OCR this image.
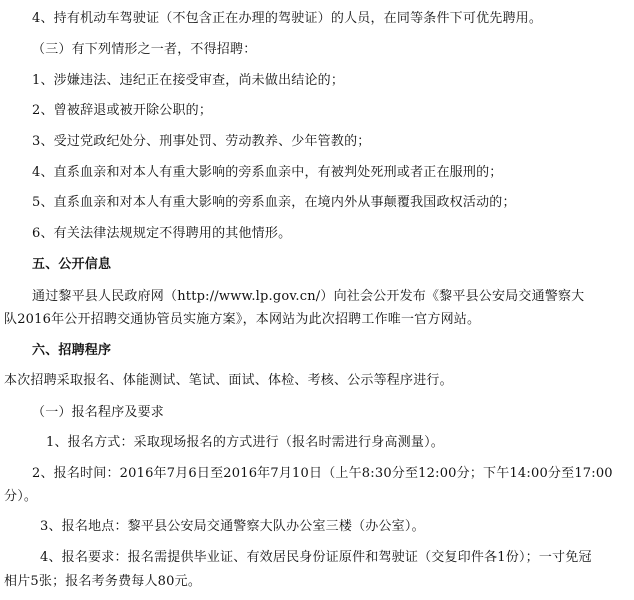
4、持有机动车驾驶证（不包含正在办理的驾驶证）的人员，在同等条件下可优先聘用。
（三）有下列情形之一者，不得招聘：
1、涉嫌违法、违纪正在接受审查，尚未做出结论的；
2、曾被辞退或被开除公职的；
3、受过党政纪处分、刑事处罚、劳动教养、少年管教的；
4、直系血亲和对本人有重大影响的旁系血亲中，有被判处死刑或者正在服刑的；
5、直系血亲和对本人有重大影响的旁系血亲，在境内外从事颠覆我国政权活动的；
6、有关法律法规规定不得聘用的其他情形。
五、公开信息
通过黎平县人民政府网（http://www.lp.gov.cn/）向社会公开发布《黎平县公安局交通警察大
队2016年公开招聘交通协管员实施方案》，本网站为此次招聘工作唯一官方网站。
六、招聘程序
本次招聘采取报名、体能测试、笔试、面试、体检、考核、公示等程序进行。
（一）报名程序及要求
1、报名方式：采取现场报名的方式进行（报名时需进行身高测量）。
2、报名时间：2016年7月6日至2016年7月10日（上午8:30分至12:00分；下午14:00分至17:00
分）。
3、报名地点：黎平县公安局交通警察大队办公室三楼（办公室）。
4、报名要求：报名需提供毕业证、有效居民身份证原件和驾驶证（交复印件各1份）；一寸免冠
相片5张；报名考务费每人80元。
